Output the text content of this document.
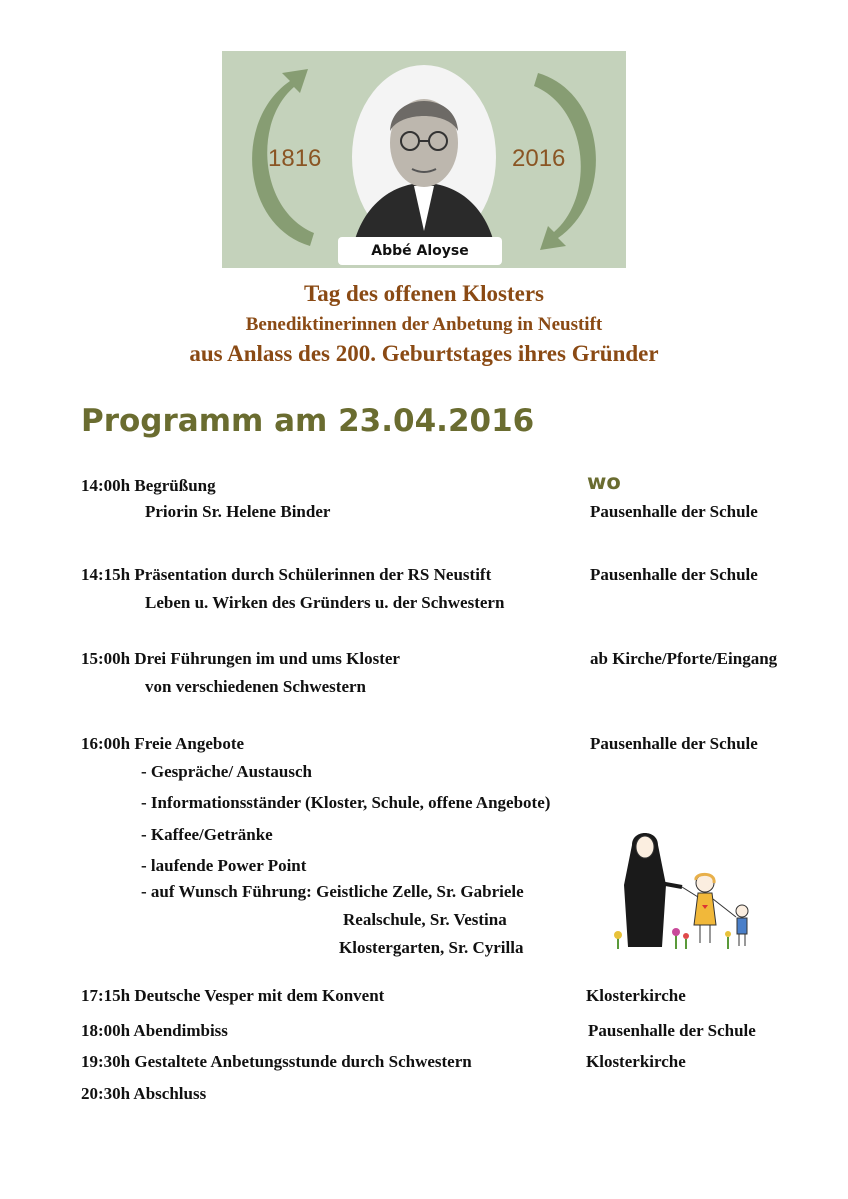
1816	2016
Abbé Aloyse
Tag des offenen Klosters
Benediktinerinnen der Anbetung in Neustift
aus Anlass des 200. Geburtstages ihres Gründer
Programm am 23.04.2016
wo
14:00h Begrüßung
Priorin Sr. Helene Binder	Pausenhalle der Schule
14:15h Präsentation durch Schülerinnen der RS Neustift	Pausenhalle der Schule
Leben u. Wirken des Gründers u. der Schwestern
15:00h Drei Führungen im und ums Kloster	ab Kirche/Pforte/Eingang
von verschiedenen Schwestern
16:00h Freie Angebote	Pausenhalle der Schule
- Gespräche/ Austausch
- Informationsständer (Kloster, Schule, offene Angebote)
- Kaffee/Getränke
- laufende Power Point
- auf Wunsch Führung: Geistliche Zelle, Sr. Gabriele
Realschule, Sr. Vestina
Klostergarten, Sr. Cyrilla
17:15h Deutsche Vesper mit dem Konvent	Klosterkirche
18:00h Abendimbiss	Pausenhalle der Schule
19:30h Gestaltete Anbetungsstunde durch Schwestern	Klosterkirche
20:30h Abschluss
